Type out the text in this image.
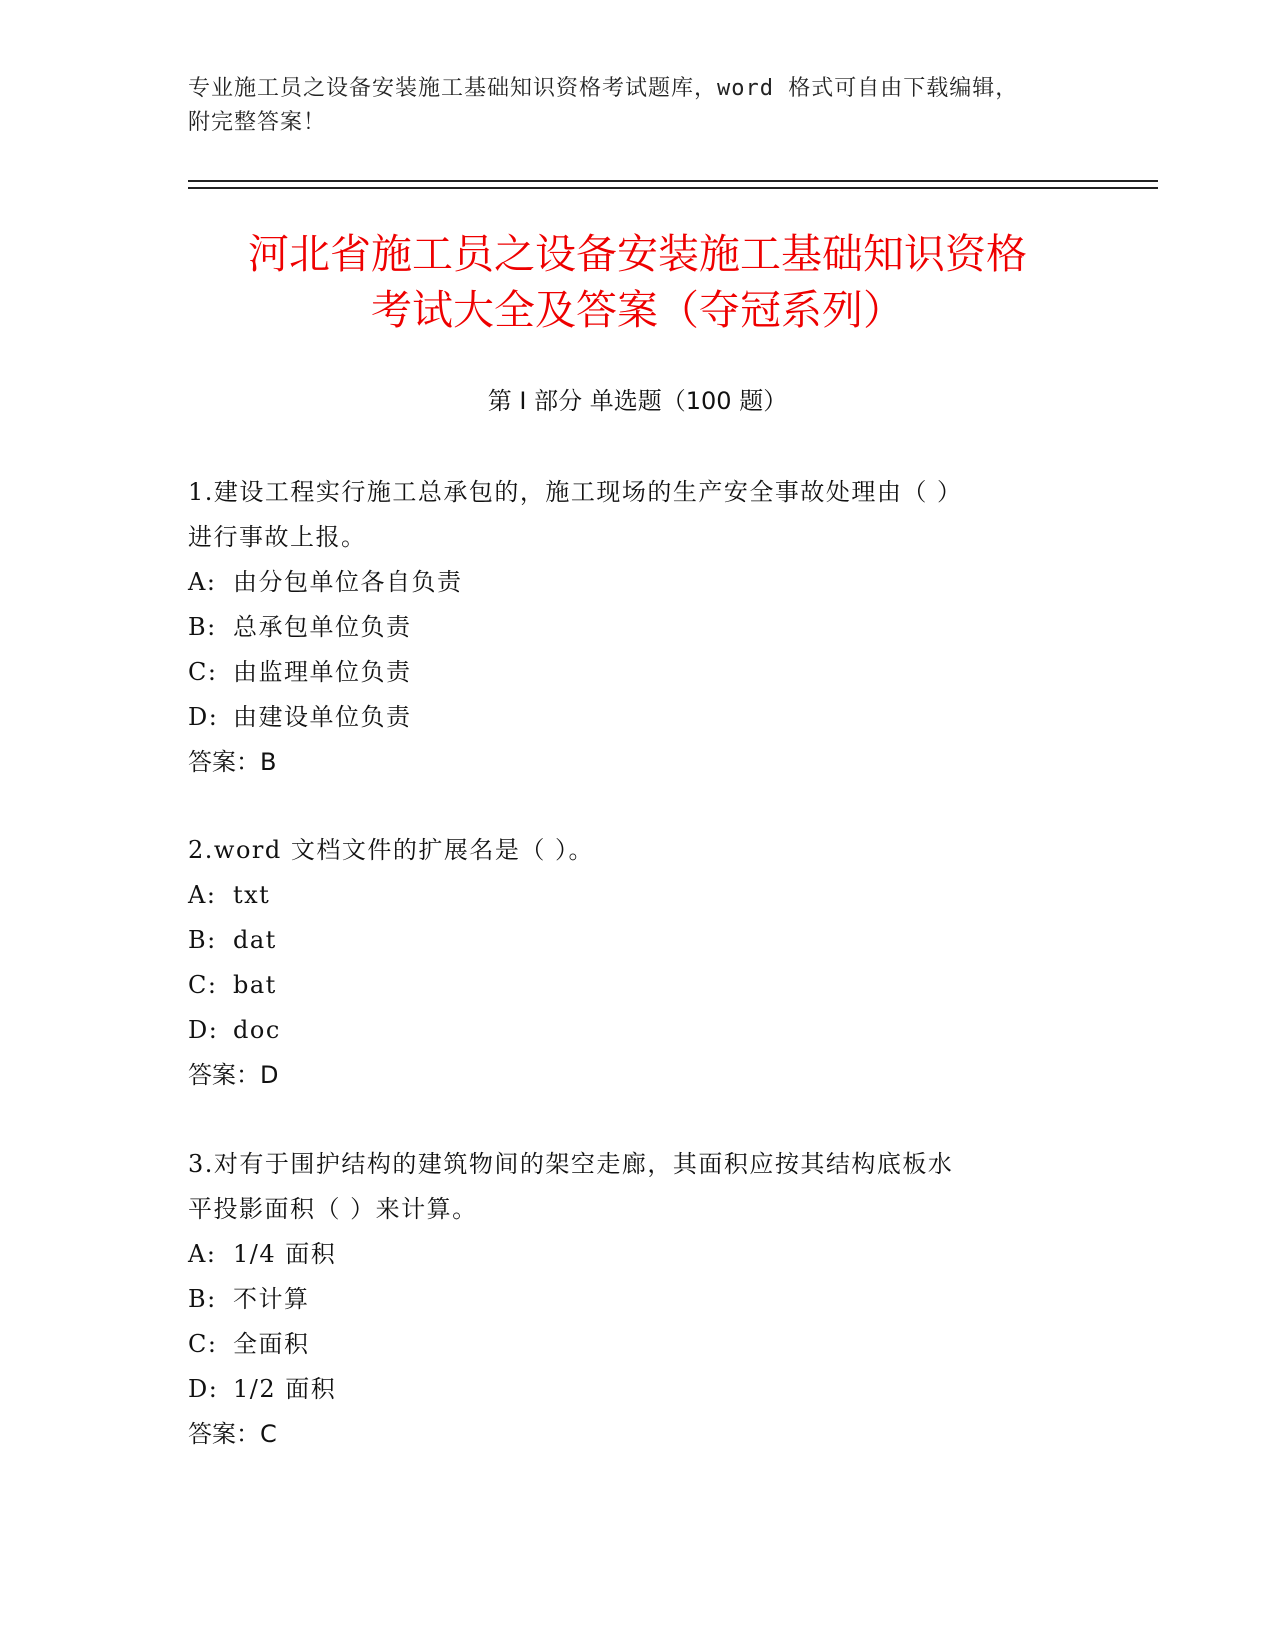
专业施工员之设备安装施工基础知识资格考试题库，word 格式可自由下载编辑，
附完整答案！
河北省施工员之设备安装施工基础知识资格
考试大全及答案（夺冠系列）
第 I 部分 单选题（100 题）
1.建设工程实行施工总承包的，施工现场的生产安全事故处理由（ ）
进行事故上报。
A: 由分包单位各自负责
B: 总承包单位负责
C: 由监理单位负责
D: 由建设单位负责
答案：B
2.word 文档文件的扩展名是（ ）。
A: txt
B: dat
C: bat
D: doc
答案：D
3.对有于围护结构的建筑物间的架空走廊，其面积应按其结构底板水
平投影面积（ ）来计算。
A: 1/4 面积
B: 不计算
C: 全面积
D: 1/2 面积
答案：C
